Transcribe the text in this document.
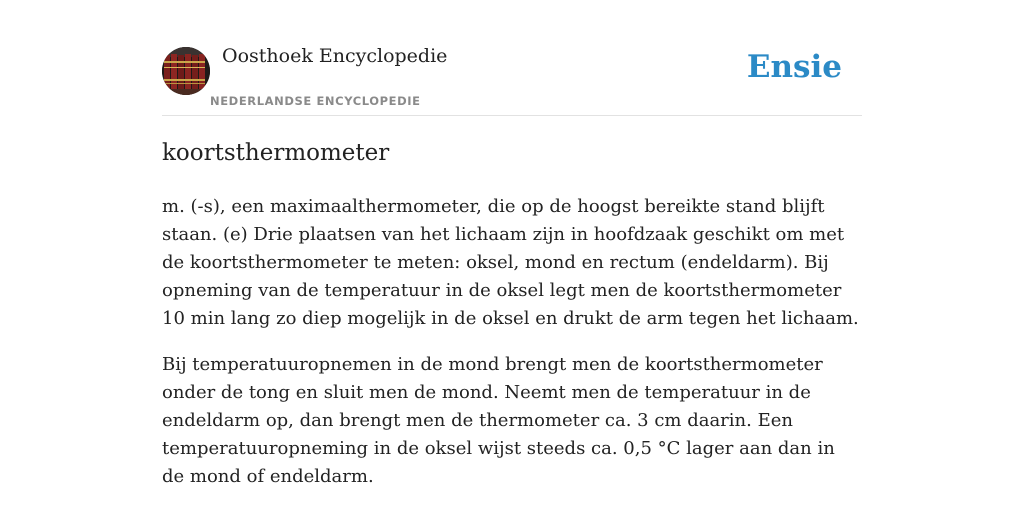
Oosthoek Encyclopedie
NEDERLANDSE ENCYCLOPEDIE
Ensie
koortsthermometer

m. (-s), een maximaalthermometer, die op de hoogst bereikte stand blijft staan. (e) Drie plaatsen van het lichaam zijn in hoofdzaak geschikt om met de koortsthermometer te meten: oksel, mond en rectum (endeldarm). Bij opneming van de temperatuur in de oksel legt men de koortsthermometer 10 min lang zo diep mogelijk in de oksel en drukt de arm tegen het lichaam.

Bij temperatuuropnemen in de mond brengt men de koortsthermometer onder de tong en sluit men de mond. Neemt men de temperatuur in de endeldarm op, dan brengt men de thermometer ca. 3 cm daarin. Een temperatuuropneming in de oksel wijst steeds ca. 0,5 °C lager aan dan in de mond of endeldarm.
